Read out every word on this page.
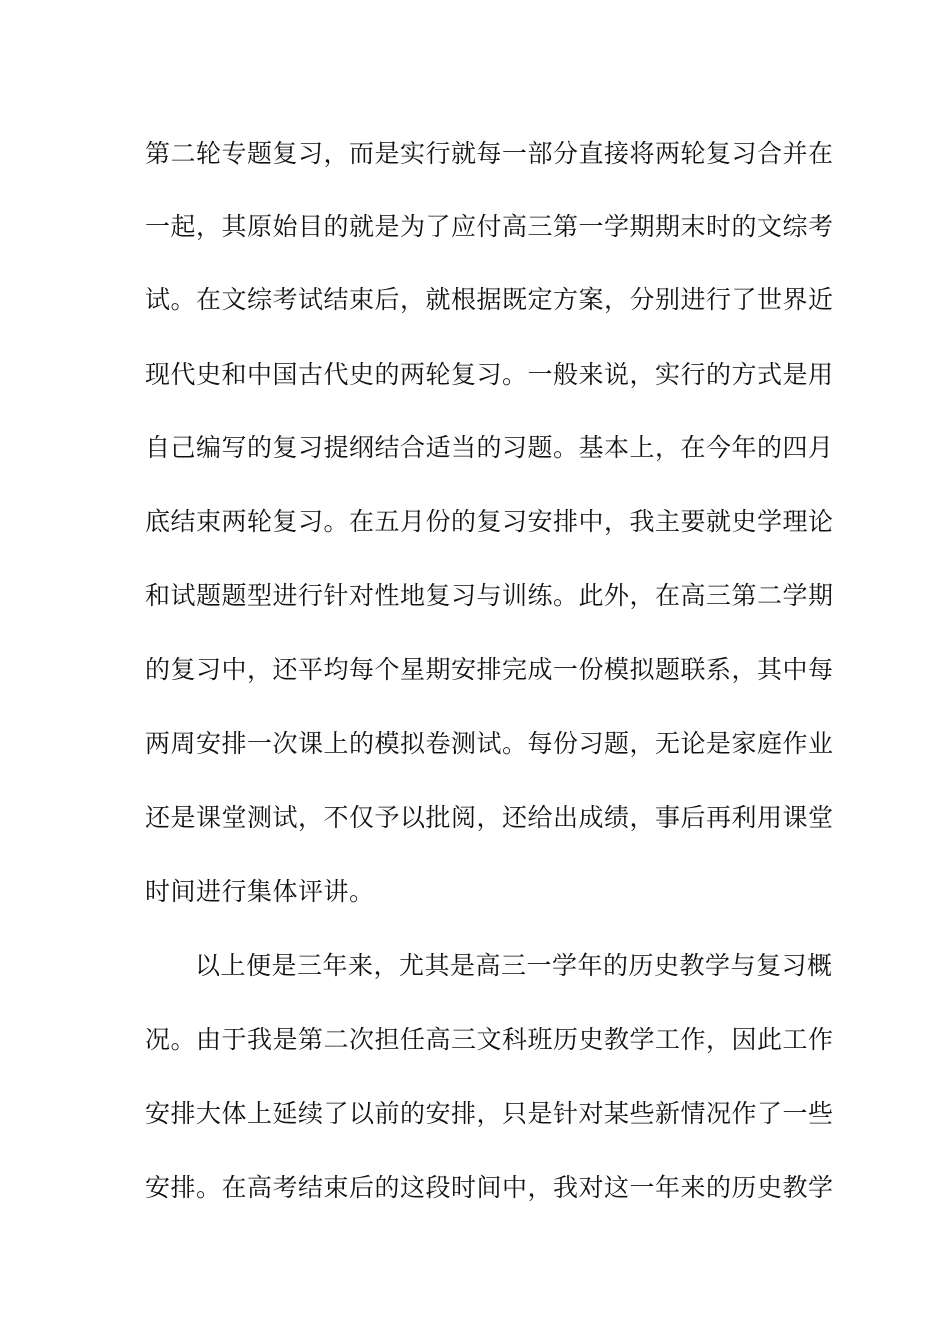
第二轮专题复习，而是实行就每一部分直接将两轮复习合并在
一起，其原始目的就是为了应付高三第一学期期末时的文综考
试。在文综考试结束后，就根据既定方案，分别进行了世界近
现代史和中国古代史的两轮复习。一般来说，实行的方式是用
自己编写的复习提纲结合适当的习题。基本上，在今年的四月
底结束两轮复习。在五月份的复习安排中，我主要就史学理论
和试题题型进行针对性地复习与训练。此外，在高三第二学期
的复习中，还平均每个星期安排完成一份模拟题联系，其中每
两周安排一次课上的模拟卷测试。每份习题，无论是家庭作业
还是课堂测试，不仅予以批阅，还给出成绩，事后再利用课堂
时间进行集体评讲。
以上便是三年来，尤其是高三一学年的历史教学与复习概
况。由于我是第二次担任高三文科班历史教学工作，因此工作
安排大体上延续了以前的安排，只是针对某些新情况作了一些
安排。在高考结束后的这段时间中，我对这一年来的历史教学
